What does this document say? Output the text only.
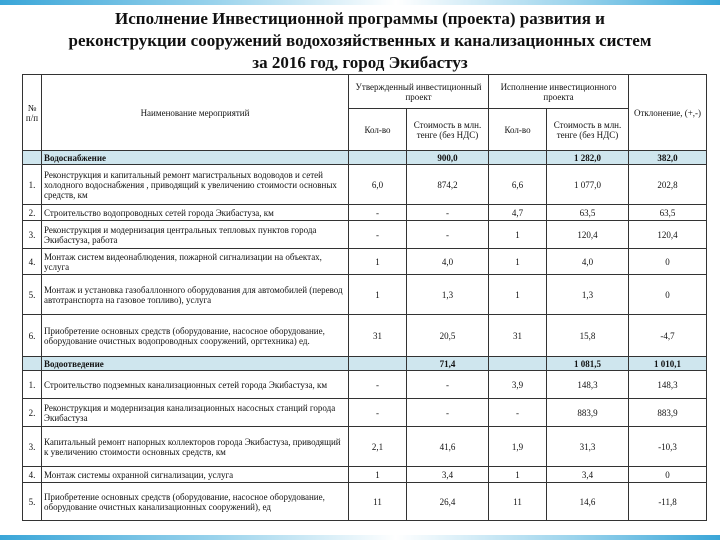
Исполнение Инвестиционной программы (проекта) развития и
реконструкции сооружений водохозяйственных и канализационных систем
за 2016 год, город Экибастуз
№ п/п	Наименование мероприятий	Утвержденный инвестиционный проект		Исполнение инвестиционного проекта		Отклонение, (+,-)
		Кол-во	Стоимость в млн. тенге (без НДС)	Кол-во	Стоимость в млн. тенге (без НДС)	
	Водоснабжение		900,0		1 282,0	382,0
1.	Реконструкция и капитальный ремонт магистральных водоводов и сетей холодного водоснабжения , приводящий к увеличению стоимости основных средств, км	6,0	874,2	6,6	1 077,0	202,8
2.	Строительство водопроводных сетей города Экибастуза, км	-	-	4,7	63,5	63,5
3.	Реконструкция и модернизация центральных тепловых пунктов города Экибастуза, работа	-	-	1	120,4	120,4
4.	Монтаж систем видеонаблюдения, пожарной сигнализации на объектах, услуга	1	4,0	1	4,0	0
5.	Монтаж и установка газобаллонного оборудования для автомобилей (перевод автотранспорта на газовое топливо), услуга	1	1,3	1	1,3	0
6.	Приобретение основных средств (оборудование, насосное оборудование, оборудование очистных водопроводных сооружений, оргтехника) ед.	31	20,5	31	15,8	-4,7
	Водоотведение		71,4		1 081,5	1 010,1
1.	Строительство подземных канализационных сетей города Экибастуза, км	-	-	3,9	148,3	148,3
2.	Реконструкция и модернизация канализационных насосных станций города Экибастуза	-	-	-	883,9	883,9
3.	Капитальный ремонт напорных коллекторов города Экибастуза, приводящий к увеличению стоимости основных средств, км	2,1	41,6	1,9	31,3	-10,3
4.	Монтаж системы охранной сигнализации, услуга	1	3,4	1	3,4	0
5.	Приобретение основных средств (оборудование, насосное оборудование, оборудование очистных канализационных сооружений), ед	11	26,4	11	14,6	-11,8
